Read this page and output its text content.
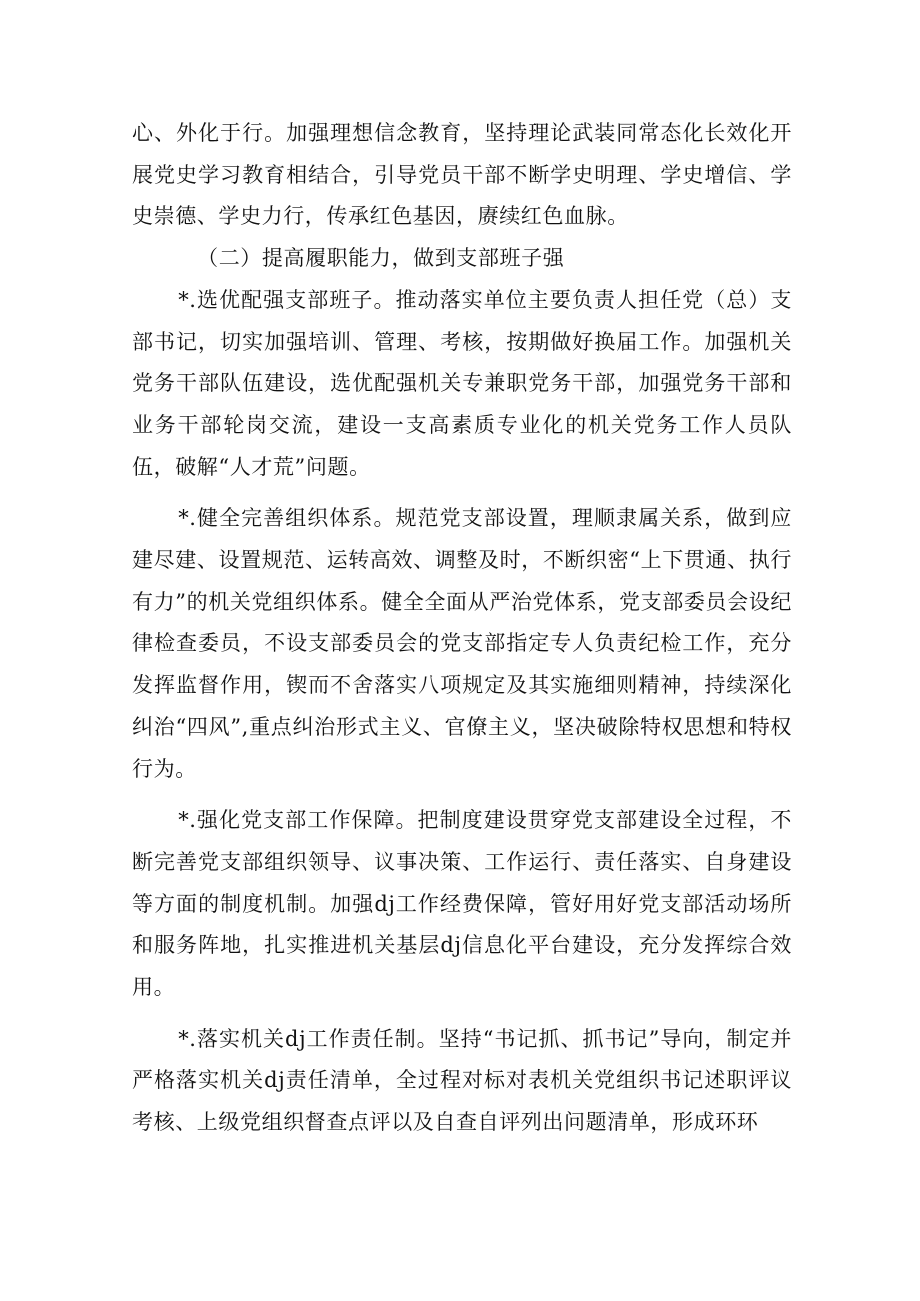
心、外化于行。加强理想信念教育，坚持理论武装同常态化长效化开展党史学习教育相结合，引导党员干部不断学史明理、学史增信、学史崇德、学史力行，传承红色基因，赓续红色血脉。

（二）提高履职能力，做到支部班子强

*.选优配强支部班子。推动落实单位主要负责人担任党（总）支部书记，切实加强培训、管理、考核，按期做好换届工作。加强机关党务干部队伍建设，选优配强机关专兼职党务干部，加强党务干部和业务干部轮岗交流，建设一支高素质专业化的机关党务工作人员队伍，破解“人才荒”问题。

*.健全完善组织体系。规范党支部设置，理顺隶属关系，做到应建尽建、设置规范、运转高效、调整及时，不断织密“上下贯通、执行有力”的机关党组织体系。健全全面从严治党体系，党支部委员会设纪律检查委员，不设支部委员会的党支部指定专人负责纪检工作，充分发挥监督作用，锲而不舍落实八项规定及其实施细则精神，持续深化纠治“四风”,重点纠治形式主义、官僚主义，坚决破除特权思想和特权行为。

*.强化党支部工作保障。把制度建设贯穿党支部建设全过程，不断完善党支部组织领导、议事决策、工作运行、责任落实、自身建设等方面的制度机制。加强dj工作经费保障，管好用好党支部活动场所和服务阵地，扎实推进机关基层dj信息化平台建设，充分发挥综合效用。

*.落实机关dj工作责任制。坚持“书记抓、抓书记”导向，制定并严格落实机关dj责任清单，全过程对标对表机关党组织书记述职评议考核、上级党组织督查点评以及自查自评列出问题清单，形成环环
